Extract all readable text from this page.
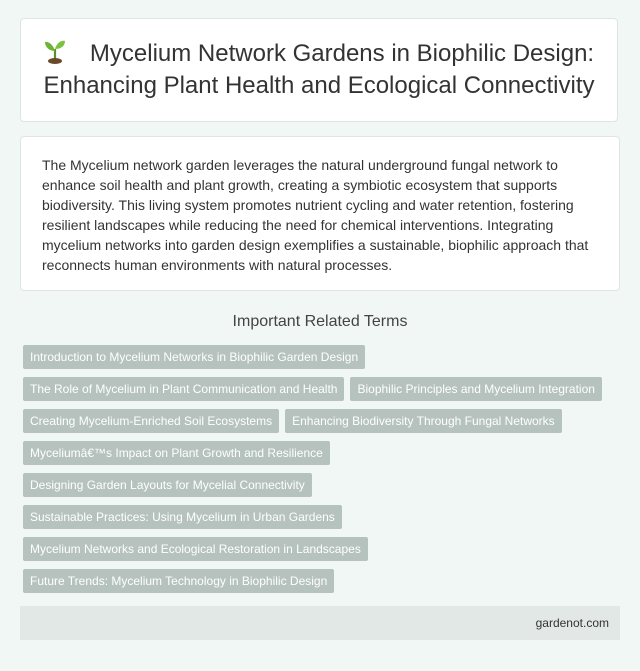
Mycelium Network Gardens in Biophilic Design: Enhancing Plant Health and Ecological Connectivity

The Mycelium network garden leverages the natural underground fungal network to enhance soil health and plant growth, creating a symbiotic ecosystem that supports biodiversity. This living system promotes nutrient cycling and water retention, fostering resilient landscapes while reducing the need for chemical interventions. Integrating mycelium networks into garden design exemplifies a sustainable, biophilic approach that reconnects human environments with natural processes.

Important Related Terms
Introduction to Mycelium Networks in Biophilic Garden Design
The Role of Mycelium in Plant Communication and Health	Biophilic Principles and Mycelium Integration
Creating Mycelium-Enriched Soil Ecosystems	Enhancing Biodiversity Through Fungal Networks
Myceliumâ€™s Impact on Plant Growth and Resilience
Designing Garden Layouts for Mycelial Connectivity
Sustainable Practices: Using Mycelium in Urban Gardens
Mycelium Networks and Ecological Restoration in Landscapes
Future Trends: Mycelium Technology in Biophilic Design
gardenot.com
